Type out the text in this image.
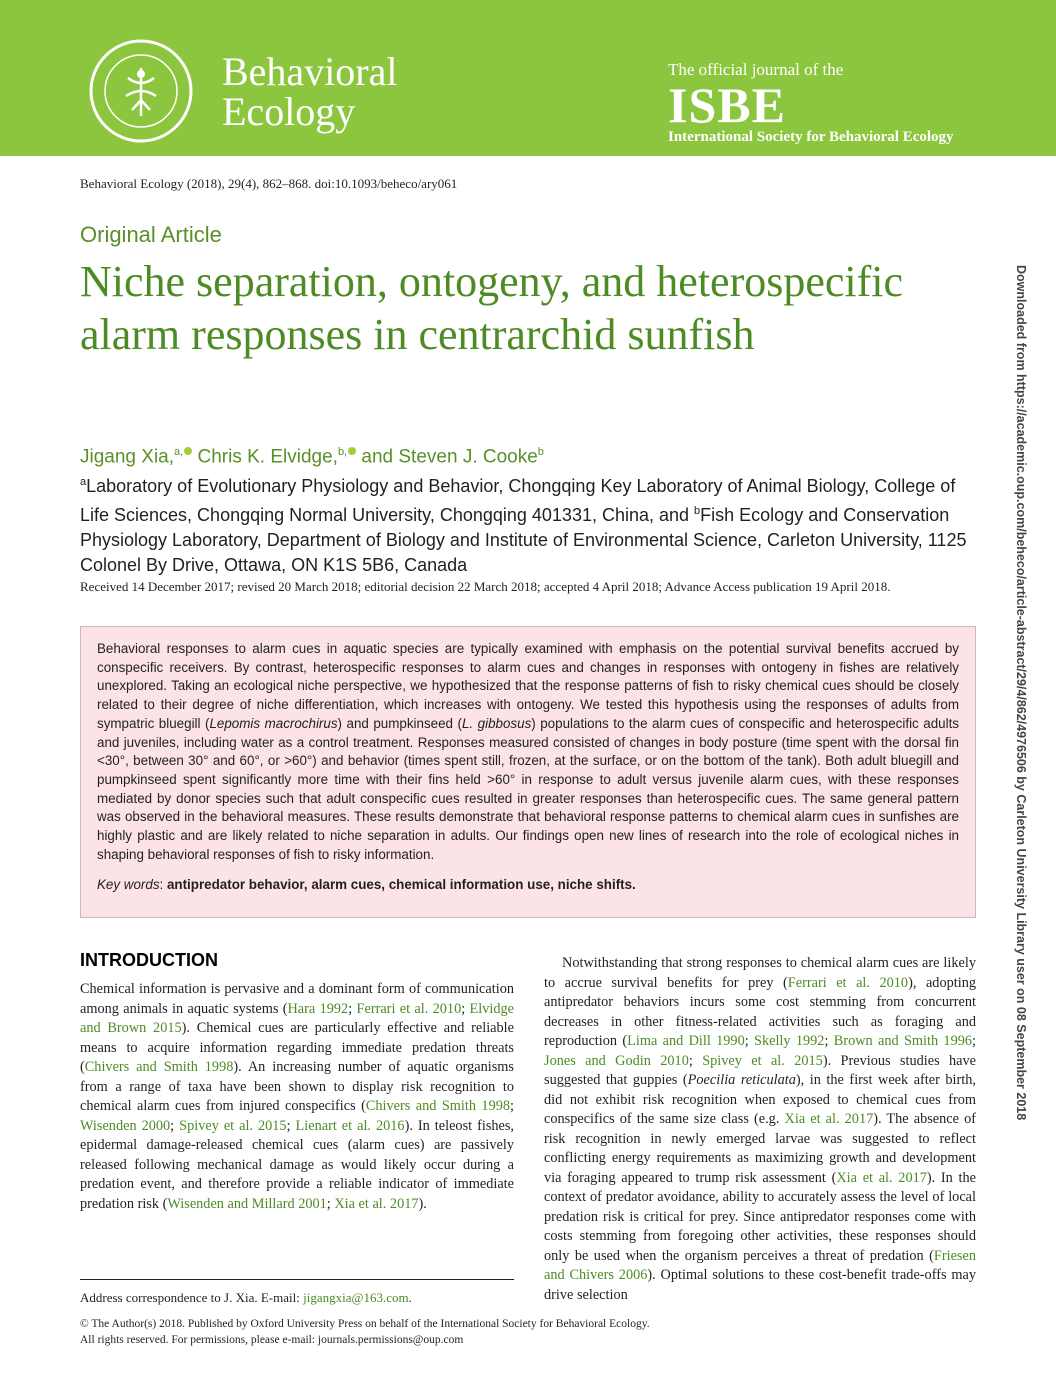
Behavioral
Ecology
The official journal of the
ISBE
International Society for Behavioral Ecology
Behavioral Ecology (2018), 29(4), 862–868. doi:10.1093/beheco/ary061
Original Article
Niche separation, ontogeny, and heterospecific alarm responses in centrarchid sunfish
Jigang Xia,$^{a,}$ Chris K. Elvidge,$^{b,}$ and Steven J. Cooke$^b$
$^a$Laboratory of Evolutionary Physiology and Behavior, Chongqing Key Laboratory of Animal Biology, College of Life Sciences, Chongqing Normal University, Chongqing 401331, China, and $^b$Fish Ecology and Conservation Physiology Laboratory, Department of Biology and Institute of Environmental Science, Carleton University, 1125 Colonel By Drive, Ottawa, ON K1S 5B6, Canada
Received 14 December 2017; revised 20 March 2018; editorial decision 22 March 2018; accepted 4 April 2018; Advance Access publication 19 April 2018.
Behavioral responses to alarm cues in aquatic species are typically examined with emphasis on the potential survival benefits accrued by conspecific receivers. By contrast, heterospecific responses to alarm cues and changes in responses with ontogeny in fishes are relatively unexplored. Taking an ecological niche perspective, we hypothesized that the response patterns of fish to risky chemical cues should be closely related to their degree of niche differentiation, which increases with ontogeny. We tested this hypothesis using the responses of adults from sympatric bluegill (Lepomis macrochirus) and pumpkinseed (L. gibbosus) populations to the alarm cues of conspecific and heterospecific adults and juveniles, including water as a control treatment. Responses measured consisted of changes in body posture (time spent with the dorsal fin <30°, between 30° and 60°, or >60°) and behavior (times spent still, frozen, at the surface, or on the bottom of the tank). Both adult bluegill and pumpkinseed spent significantly more time with their fins held >60° in response to adult versus juvenile alarm cues, with these responses mediated by donor species such that adult conspecific cues resulted in greater responses than heterospecific cues. The same general pattern was observed in the behavioral measures. These results demonstrate that behavioral response patterns to chemical alarm cues in sunfishes are highly plastic and are likely related to niche separation in adults. Our findings open new lines of research into the role of ecological niches in shaping behavioral responses of fish to risky information.
Key words: antipredator behavior, alarm cues, chemical information use, niche shifts.
INTRODUCTION

Chemical information is pervasive and a dominant form of communication among animals in aquatic systems (Hara 1992; Ferrari et al. 2010; Elvidge and Brown 2015). Chemical cues are particularly effective and reliable means to acquire information regarding immediate predation threats (Chivers and Smith 1998). An increasing number of aquatic organisms from a range of taxa have been shown to display risk recognition to chemical alarm cues from injured conspecifics (Chivers and Smith 1998; Wisenden 2000; Spivey et al. 2015; Lienart et al. 2016). In teleost fishes, epidermal damage-released chemical cues (alarm cues) are passively released following mechanical damage as would likely occur during a predation event, and therefore provide a reliable indicator of immediate predation risk (Wisenden and Millard 2001; Xia et al. 2017).

Notwithstanding that strong responses to chemical alarm cues are likely to accrue survival benefits for prey (Ferrari et al. 2010), adopting antipredator behaviors incurs some cost stemming from concurrent decreases in other fitness-related activities such as foraging and reproduction (Lima and Dill 1990; Skelly 1992; Brown and Smith 1996; Jones and Godin 2010; Spivey et al. 2015). Previous studies have suggested that guppies (Poecilia reticulata), in the first week after birth, did not exhibit risk recognition when exposed to chemical cues from conspecifics of the same size class (e.g. Xia et al. 2017). The absence of risk recognition in newly emerged larvae was suggested to reflect conflicting energy requirements as maximizing growth and development via foraging appeared to trump risk assessment (Xia et al. 2017). In the context of predator avoidance, ability to accurately assess the level of local predation risk is critical for prey. Since antipredator responses come with costs stemming from foregoing other activities, these responses should only be used when the organism perceives a threat of predation (Friesen and Chivers 2006). Optimal solutions to these cost-benefit trade-offs may drive selection

Address correspondence to J. Xia. E-mail: jigangxia@163.com.
© The Author(s) 2018. Published by Oxford University Press on behalf of the International Society for Behavioral Ecology.
All rights reserved. For permissions, please e-mail: journals.permissions@oup.com
Downloaded from https://academic.oup.com/beheco/article-abstract/29/4/862/4976506 by Carleton University Library user on 08 September 2018
